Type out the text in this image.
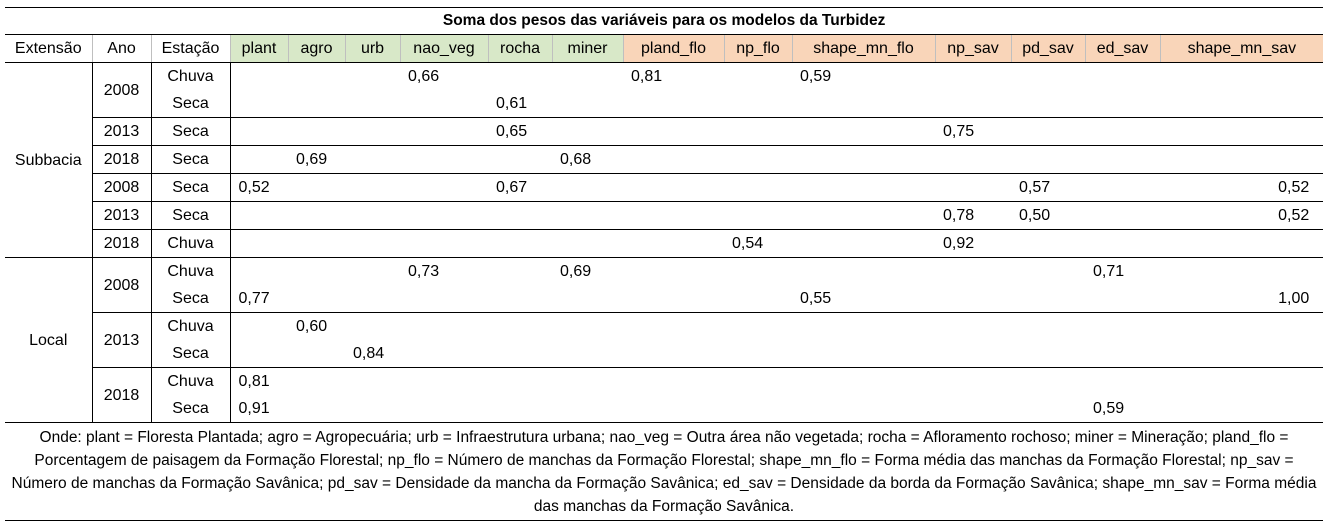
Soma dos pesos das variáveis para os modelos da Turbidez															
Extensão	Ano	Estação	plant	agro	urb	nao_veg	rocha	miner	pland_flo	np_flo	shape_mn_flo	np_sav	pd_sav	ed_sav	shape_mn_sav
Subbacia	2008	Chuva				0,66			0,81		0,59				
		Seca					0,61								
	2013	Seca					0,65					0,75			
	2018	Seca		0,69				0,68							
	2008	Seca	0,52				0,67						0,57		0,52
	2013	Seca										0,78	0,50		0,52
	2018	Chuva								0,54		0,92			
Local	2008	Chuva				0,73		0,69						0,71	
		Seca	0,77								0,55				1,00
	2013	Chuva		0,60											
		Seca			0,84										
	2018	Chuva	0,81												
		Seca	0,91											0,59	
Onde: plant = Floresta Plantada; agro = Agropecuária; urb = Infraestrutura urbana; nao_veg = Outra área não vegetada; rocha = Afloramento rochoso; miner = Mineração; pland_flo = Porcentagem de paisagem da Formação Florestal; np_flo = Número de manchas da Formação Florestal; shape_mn_flo = Forma média das manchas da Formação Florestal; np_sav = Número de manchas da Formação Savânica; pd_sav = Densidade da mancha da Formação Savânica; ed_sav = Densidade da borda da Formação Savânica; shape_mn_sav = Forma média das manchas da Formação Savânica.
